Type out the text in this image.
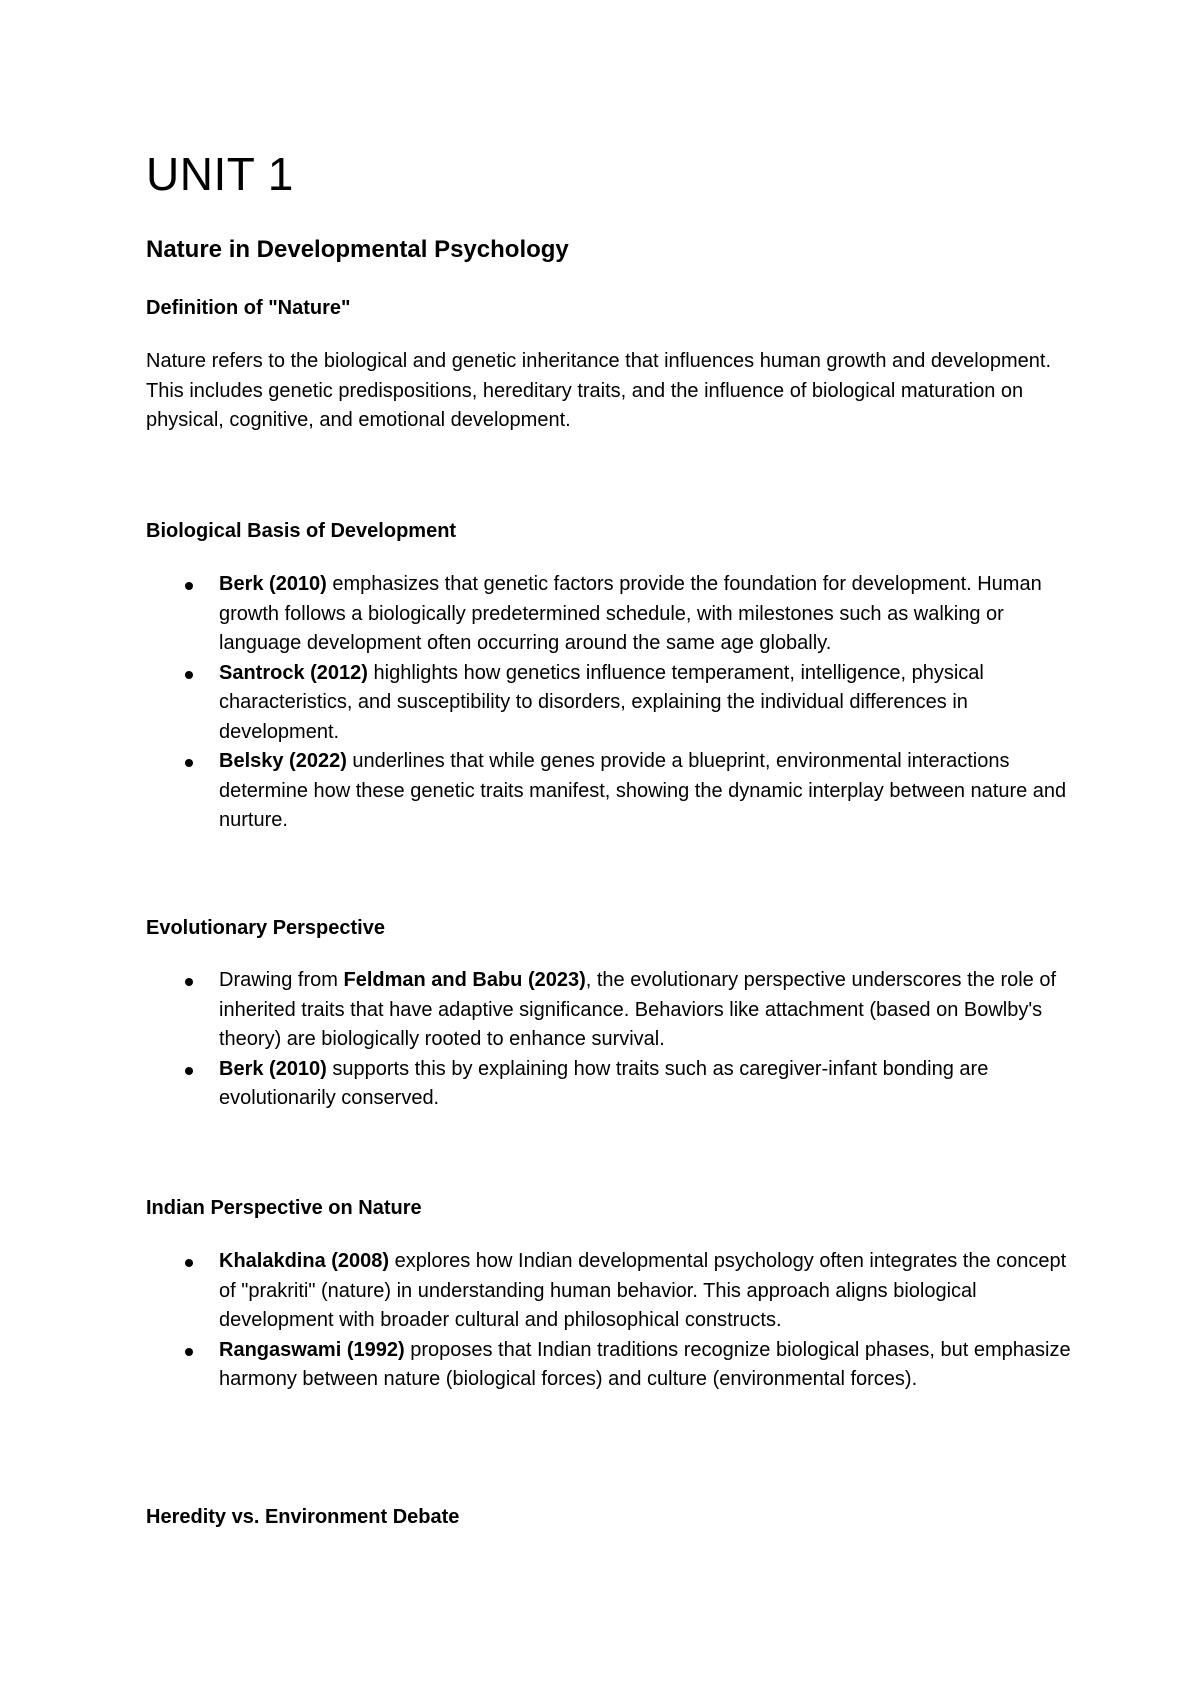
UNIT 1
Nature in Developmental Psychology
Definition of "Nature"

Nature refers to the biological and genetic inheritance that influences human growth and development. This includes genetic predispositions, hereditary traits, and the influence of biological maturation on physical, cognitive, and emotional development.

Biological Basis of Development
Berk (2010) emphasizes that genetic factors provide the foundation for development. Human growth follows a biologically predetermined schedule, with milestones such as walking or language development often occurring around the same age globally.
Santrock (2012) highlights how genetics influence temperament, intelligence, physical characteristics, and susceptibility to disorders, explaining the individual differences in development.
Belsky (2022) underlines that while genes provide a blueprint, environmental interactions determine how these genetic traits manifest, showing the dynamic interplay between nature and nurture.
Evolutionary Perspective
Drawing from Feldman and Babu (2023), the evolutionary perspective underscores the role of inherited traits that have adaptive significance. Behaviors like attachment (based on Bowlby's theory) are biologically rooted to enhance survival.
Berk (2010) supports this by explaining how traits such as caregiver-infant bonding are evolutionarily conserved.
Indian Perspective on Nature
Khalakdina (2008) explores how Indian developmental psychology often integrates the concept of "prakriti" (nature) in understanding human behavior. This approach aligns biological development with broader cultural and philosophical constructs.
Rangaswami (1992) proposes that Indian traditions recognize biological phases, but emphasize harmony between nature (biological forces) and culture (environmental forces).
Heredity vs. Environment Debate
